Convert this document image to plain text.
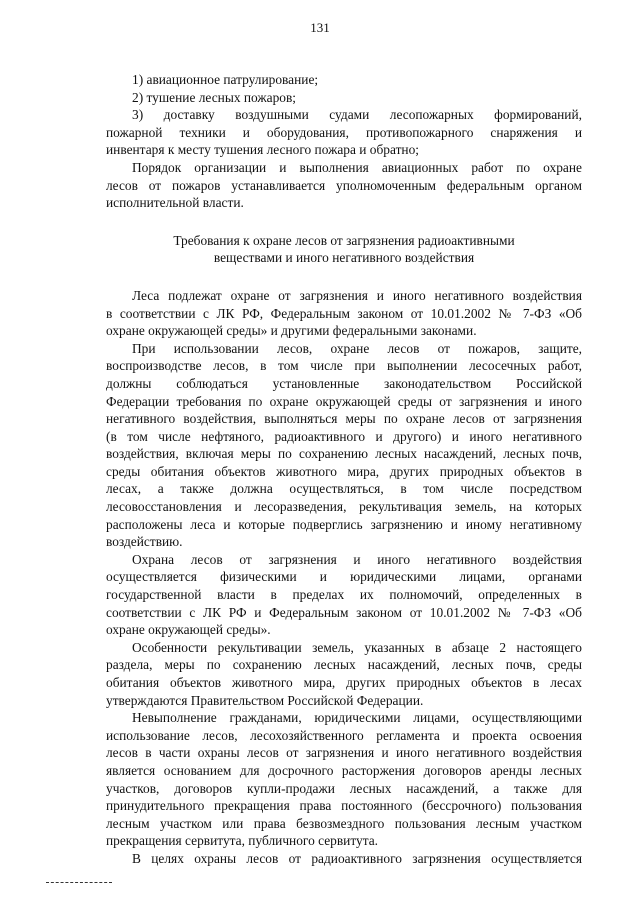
131
1) авиационное патрулирование;
2) тушение лесных пожаров;
3) доставку воздушными судами лесопожарных формирований,
пожарной техники и оборудования, противопожарного снаряжения и
инвентаря к месту тушения лесного пожара и обратно;
Порядок организации и выполнения авиационных работ по охране
лесов от пожаров устанавливается уполномоченным федеральным органом
исполнительной власти.
Требования к охране лесов от загрязнения радиоактивными
веществами и иного негативного воздействия
Леса подлежат охране от загрязнения и иного негативного воздействия
в соответствии с ЛК РФ, Федеральным законом от 10.01.2002 № 7-ФЗ «Об
охране окружающей среды» и другими федеральными законами.
При использовании лесов, охране лесов от пожаров, защите,
воспроизводстве лесов, в том числе при выполнении лесосечных работ,
должны соблюдаться установленные законодательством Российской
Федерации требования по охране окружающей среды от загрязнения и иного
негативного воздействия, выполняться меры по охране лесов от загрязнения
(в том числе нефтяного, радиоактивного и другого) и иного негативного
воздействия, включая меры по сохранению лесных насаждений, лесных почв,
среды обитания объектов животного мира, других природных объектов в
лесах, а также должна осуществляться, в том числе посредством
лесовосстановления и лесоразведения, рекультивация земель, на которых
расположены леса и которые подверглись загрязнению и иному негативному
воздействию.
Охрана лесов от загрязнения и иного негативного воздействия
осуществляется физическими и юридическими лицами, органами
государственной власти в пределах их полномочий, определенных в
соответствии с ЛК РФ и Федеральным законом от 10.01.2002 № 7-ФЗ «Об
охране окружающей среды».
Особенности рекультивации земель, указанных в абзаце 2 настоящего
раздела, меры по сохранению лесных насаждений, лесных почв, среды
обитания объектов животного мира, других природных объектов в лесах
утверждаются Правительством Российской Федерации.
Невыполнение гражданами, юридическими лицами, осуществляющими
использование лесов, лесохозяйственного регламента и проекта освоения
лесов в части охраны лесов от загрязнения и иного негативного воздействия
является основанием для досрочного расторжения договоров аренды лесных
участков, договоров купли-продажи лесных насаждений, а также для
принудительного прекращения права постоянного (бессрочного) пользования
лесным участком или права безвозмездного пользования лесным участком
прекращения сервитута, публичного сервитута.
В целях охраны лесов от радиоактивного загрязнения осуществляется
